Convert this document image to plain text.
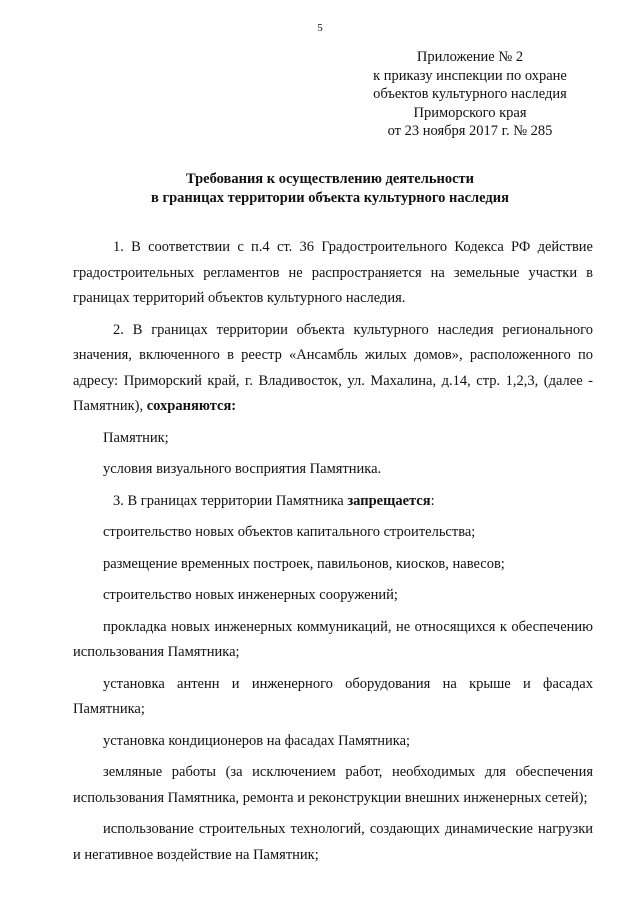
5
Приложение № 2
к приказу инспекции по охране
объектов культурного наследия
Приморского края
от 23 ноября 2017 г. № 285
Требования к осуществлению деятельности
в границах территории объекта культурного наследия

1. В соответствии с п.4 ст. 36 Градостроительного Кодекса РФ действие градостроительных регламентов не распространяется на земельные участки в границах территорий объектов культурного наследия.

2. В границах территории объекта культурного наследия регионального значения, включенного в реестр «Ансамбль жилых домов», расположенного по адресу: Приморский край, г. Владивосток, ул. Махалина, д.14, стр. 1,2,3, (далее - Памятник), сохраняются:

Памятник;

условия визуального восприятия Памятника.

3. В границах территории Памятника запрещается:

строительство новых объектов капитального строительства;

размещение временных построек, павильонов, киосков, навесов;

строительство новых инженерных сооружений;

прокладка новых инженерных коммуникаций, не относящихся к обеспечению использования Памятника;

установка антенн и инженерного оборудования на крыше и фасадах Памятника;

установка кондиционеров на фасадах Памятника;

земляные работы (за исключением работ, необходимых для обеспечения использования Памятника, ремонта и реконструкции внешних инженерных сетей);

использование строительных технологий, создающих динамические нагрузки и негативное воздействие на Памятник;
